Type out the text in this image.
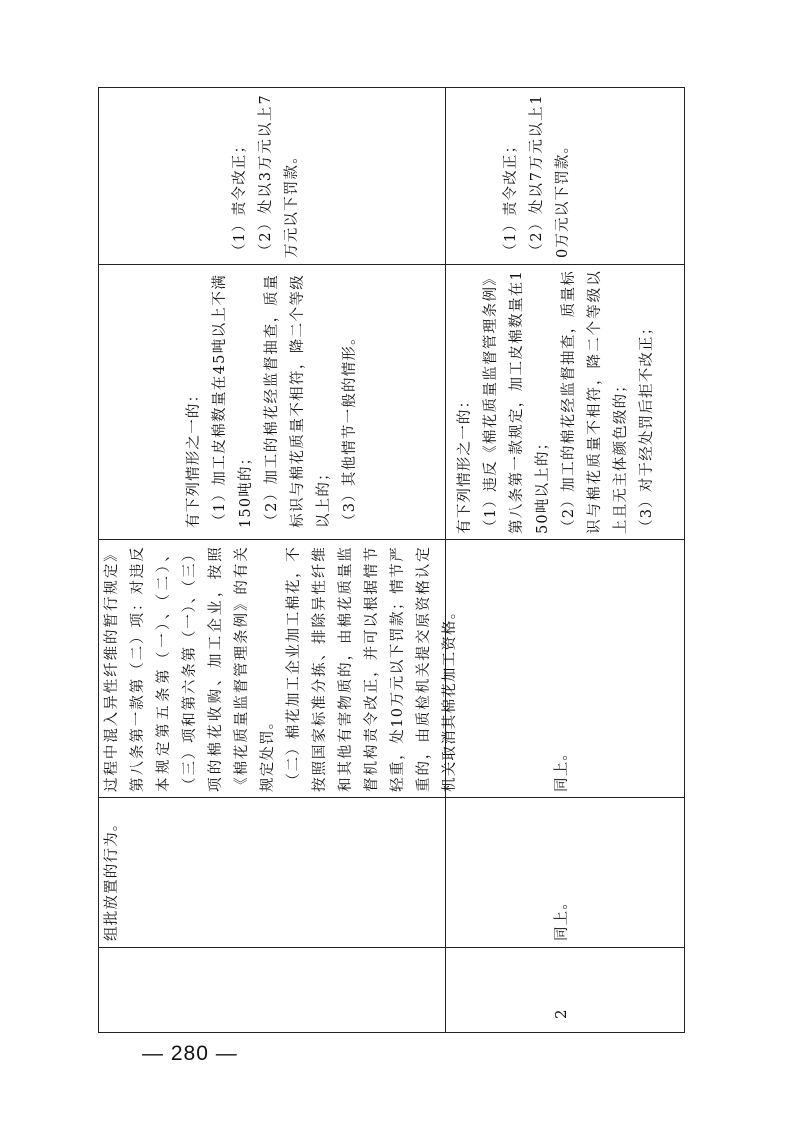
组批放置的行为。

过程中混入异性纤维的暂行规定》第八条第一款第（二）项：对违反本规定第五条第（一）、（二）、（三）项和第六条第（一）、（三）项的棉花收购、加工企业，按照《棉花质量监督管理条例》的有关规定处罚。 （二）棉花加工企业加工棉花，不按照国家标准分拣、排除异性纤维和其他有害物质的，由棉花质量监督机构责令改正，并可以根据情节轻重，处10万元以下罚款；情节严重的，由质检机关提交原资格认定机关取消其棉花加工资格。

有下列情形之一的： （1）加工皮棉数量在45吨以上不满150吨的； （2）加工的棉花经监督抽查，质量标识与棉花质量不相符，降二个等级以上的； （3）其他情节一般的情形。

（1）责令改正； （2）处以3万元以上7万元以下罚款。

2

同上。

同上。

有下列情形之一的： （1）违反《棉花质量监督管理条例》第八条第一款规定，加工皮棉数量在150吨以上的； （2）加工的棉花经监督抽查，质量标识与棉花质量不相符，降二个等级以上且无主体颜色级的； （3）对于经处罚后拒不改正；

（1）责令改正； （2）处以7万元以上10万元以下罚款。

— 280 —
